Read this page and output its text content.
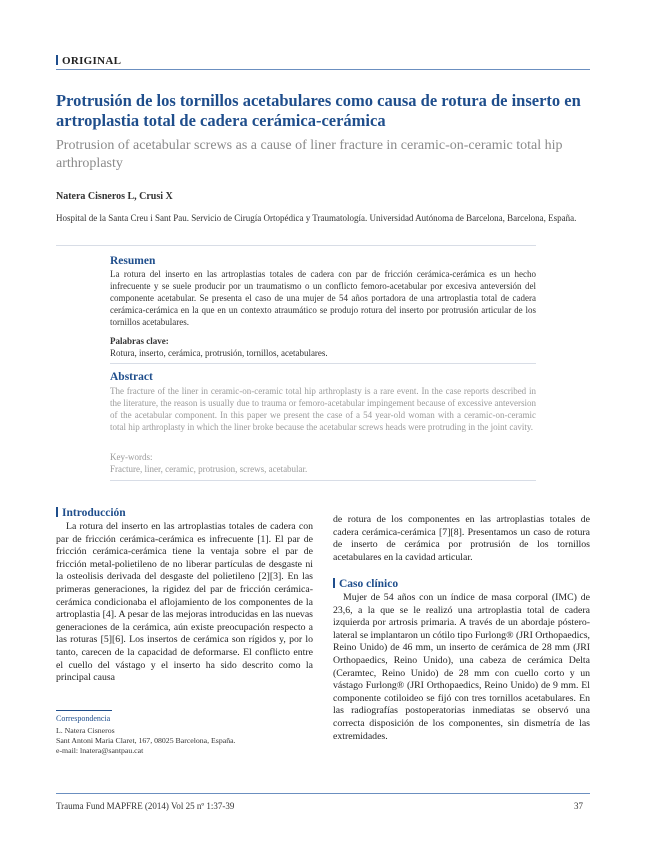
ORIGINAL
Protrusión de los tornillos acetabulares como causa de rotura de inserto en artroplastia total de cadera cerámica-cerámica
Protrusion of acetabular screws as a cause of liner fracture in ceramic-on-ceramic total hip arthroplasty
Natera Cisneros L, Crusi X
Hospital de la Santa Creu i Sant Pau. Servicio de Cirugía Ortopédica y Traumatología. Universidad Autónoma de Barcelona, Barcelona, España.
Resumen
La rotura del inserto en las artroplastias totales de cadera con par de fricción cerámica-cerámica es un hecho infrecuente y se suele producir por un traumatismo o un conflicto femoro-acetabular por excesiva anteversión del componente acetabular. Se presenta el caso de una mujer de 54 años portadora de una artroplastia total de cadera cerámica-cerámica en la que en un contexto atraumático se produjo rotura del inserto por protrusión articular de los tornillos acetabulares.
Palabras clave:
Rotura, inserto, cerámica, protrusión, tornillos, acetabulares.
Abstract
The fracture of the liner in ceramic-on-ceramic total hip arthroplasty is a rare event. In the case reports described in the literature, the reason is usually due to trauma or femoro-acetabular impingement because of excessive anteversion of the acetabular component. In this paper we present the case of a 54 year-old woman with a ceramic-on-ceramic total hip arthroplasty in which the liner broke because the acetabular screws heads were protruding in the joint cavity.
Key-words:
Fracture, liner, ceramic, protrusion, screws, acetabular.
Introducción
La rotura del inserto en las artroplastias totales de cadera con par de fricción cerámica-cerámica es infrecuente [1]. El par de fricción cerámica-cerámica tiene la ventaja sobre el par de fricción metal-polietileno de no liberar partículas de desgaste ni la osteolisis derivada del desgaste del polietileno [2][3]. En las primeras generaciones, la rigidez del par de fricción cerámica-cerámica condicionaba el aflojamiento de los componentes de la artroplastia [4]. A pesar de las mejoras introducidas en las nuevas generaciones de la cerámica, aún existe preocupación respecto a las roturas [5][6]. Los insertos de cerámica son rígidos y, por lo tanto, carecen de la capacidad de deformarse. El conflicto entre el cuello del vástago y el inserto ha sido descrito como la principal causa
de rotura de los componentes en las artroplastias totales de cadera cerámica-cerámica [7][8]. Presentamos un caso de rotura de inserto de cerámica por protrusión de los tornillos acetabulares en la cavidad articular.
Caso clínico
Mujer de 54 años con un índice de masa corporal (IMC) de 23,6, a la que se le realizó una artroplastia total de cadera izquierda por artrosis primaria. A través de un abordaje póstero-lateral se implantaron un cótilo tipo Furlong® (JRI Orthopaedics, Reino Unido) de 46 mm, un inserto de cerámica de 28 mm (JRI Orthopaedics, Reino Unido), una cabeza de cerámica Delta (Ceramtec, Reino Unido) de 28 mm con cuello corto y un vástago Furlong® (JRI Orthopaedics, Reino Unido) de 9 mm. El componente cotiloideo se fijó con tres tornillos acetabulares. En las radiografías postoperatorias inmediatas se observó una correcta disposición de los componentes, sin dismetría de las extremidades.
Correspondencia
L. Natera Cisneros
Sant Antoni Maria Claret, 167, 08025 Barcelona, España.
e-mail: lnatera@santpau.cat
Trauma Fund MAPFRE (2014) Vol 25 nº 1:37-39	37
